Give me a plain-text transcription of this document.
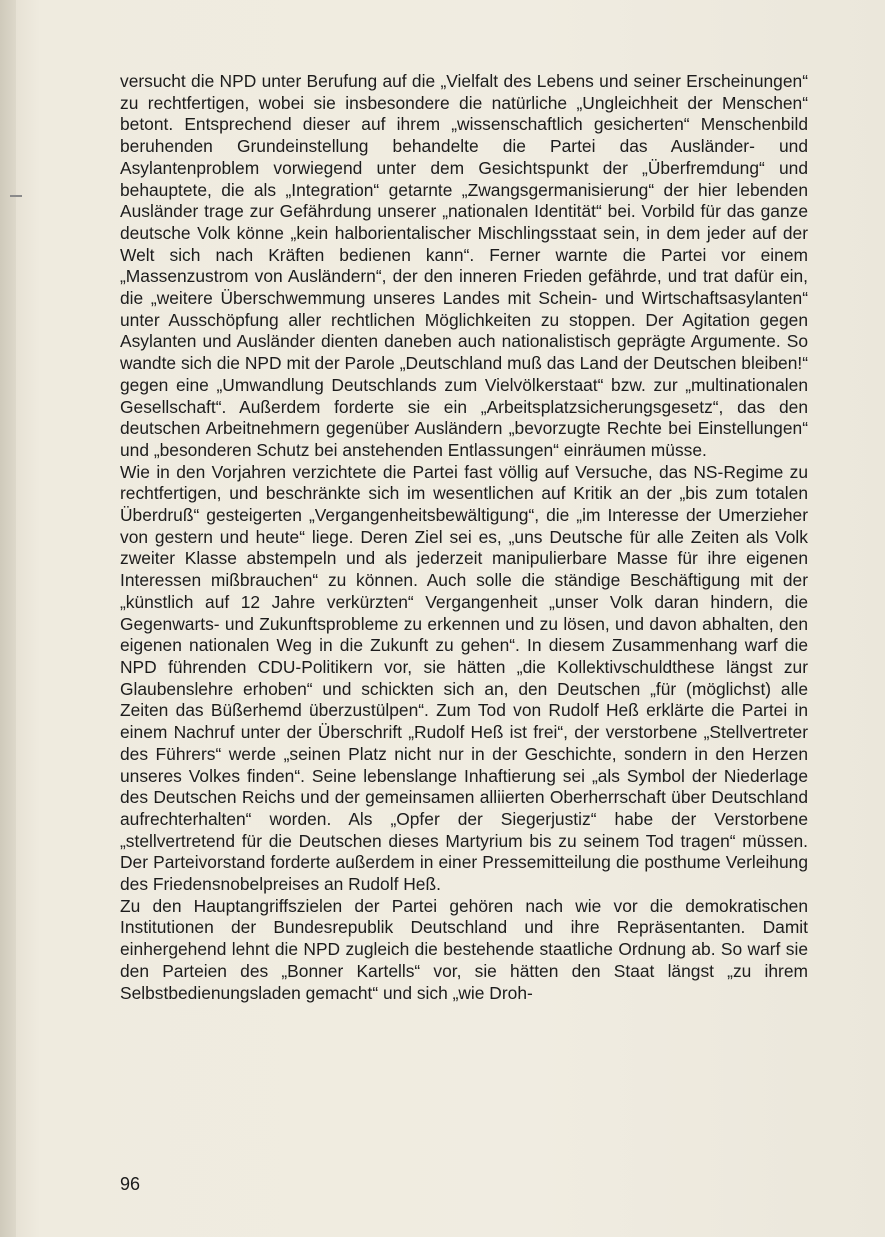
versucht die NPD unter Berufung auf die „Vielfalt des Lebens und seiner Erscheinungen“ zu rechtfertigen, wobei sie insbesondere die natürliche „Ungleichheit der Menschen“ betont. Entsprechend dieser auf ihrem „wissenschaftlich gesicherten“ Menschenbild beruhenden Grundeinstellung behandelte die Partei das Ausländer- und Asylantenproblem vorwiegend unter dem Gesichtspunkt der „Überfremdung“ und behauptete, die als „Integration“ getarnte „Zwangsgermanisierung“ der hier lebenden Ausländer trage zur Gefährdung unserer „nationalen Identität“ bei. Vorbild für das ganze deutsche Volk könne „kein halborientalischer Mischlingsstaat sein, in dem jeder auf der Welt sich nach Kräften bedienen kann“. Ferner warnte die Partei vor einem „Massenzustrom von Ausländern“, der den inneren Frieden gefährde, und trat dafür ein, die „weitere Überschwemmung unseres Landes mit Schein- und Wirtschaftsasylanten“ unter Ausschöpfung aller rechtlichen Möglichkeiten zu stoppen. Der Agitation gegen Asylanten und Ausländer dienten daneben auch nationalistisch geprägte Argumente. So wandte sich die NPD mit der Parole „Deutschland muß das Land der Deutschen bleiben!“ gegen eine „Umwandlung Deutschlands zum Vielvölkerstaat“ bzw. zur „multinationalen Gesellschaft“. Außerdem forderte sie ein „Arbeitsplatzsicherungsgesetz“, das den deutschen Arbeitnehmern gegenüber Ausländern „bevorzugte Rechte bei Einstellungen“ und „besonderen Schutz bei anstehenden Entlassungen“ einräumen müsse.

Wie in den Vorjahren verzichtete die Partei fast völlig auf Versuche, das NS-Regime zu rechtfertigen, und beschränkte sich im wesentlichen auf Kritik an der „bis zum totalen Überdruß“ gesteigerten „Vergangenheitsbewältigung“, die „im Interesse der Umerzieher von gestern und heute“ liege. Deren Ziel sei es, „uns Deutsche für alle Zeiten als Volk zweiter Klasse abstempeln und als jederzeit manipulierbare Masse für ihre eigenen Interessen mißbrauchen“ zu können. Auch solle die ständige Beschäftigung mit der „künstlich auf 12 Jahre verkürzten“ Vergangenheit „unser Volk daran hindern, die Gegenwarts- und Zukunftsprobleme zu erkennen und zu lösen, und davon abhalten, den eigenen nationalen Weg in die Zukunft zu gehen“. In diesem Zusammenhang warf die NPD führenden CDU-Politikern vor, sie hätten „die Kollektivschuldthese längst zur Glaubenslehre erhoben“ und schickten sich an, den Deutschen „für (möglichst) alle Zeiten das Büßerhemd überzustülpen“. Zum Tod von Rudolf Heß erklärte die Partei in einem Nachruf unter der Überschrift „Rudolf Heß ist frei“, der verstorbene „Stellvertreter des Führers“ werde „seinen Platz nicht nur in der Geschichte, sondern in den Herzen unseres Volkes finden“. Seine lebenslange Inhaftierung sei „als Symbol der Niederlage des Deutschen Reichs und der gemeinsamen alliierten Oberherrschaft über Deutschland aufrechterhalten“ worden. Als „Opfer der Siegerjustiz“ habe der Verstorbene „stellvertretend für die Deutschen dieses Martyrium bis zu seinem Tod tragen“ müssen. Der Parteivorstand forderte außerdem in einer Pressemitteilung die posthume Verleihung des Friedensnobelpreises an Rudolf Heß.

Zu den Hauptangriffszielen der Partei gehören nach wie vor die demokratischen Institutionen der Bundesrepublik Deutschland und ihre Repräsentanten. Damit einhergehend lehnt die NPD zugleich die bestehende staatliche Ordnung ab. So warf sie den Parteien des „Bonner Kartells“ vor, sie hätten den Staat längst „zu ihrem Selbstbedienungsladen gemacht“ und sich „wie Droh-

96
